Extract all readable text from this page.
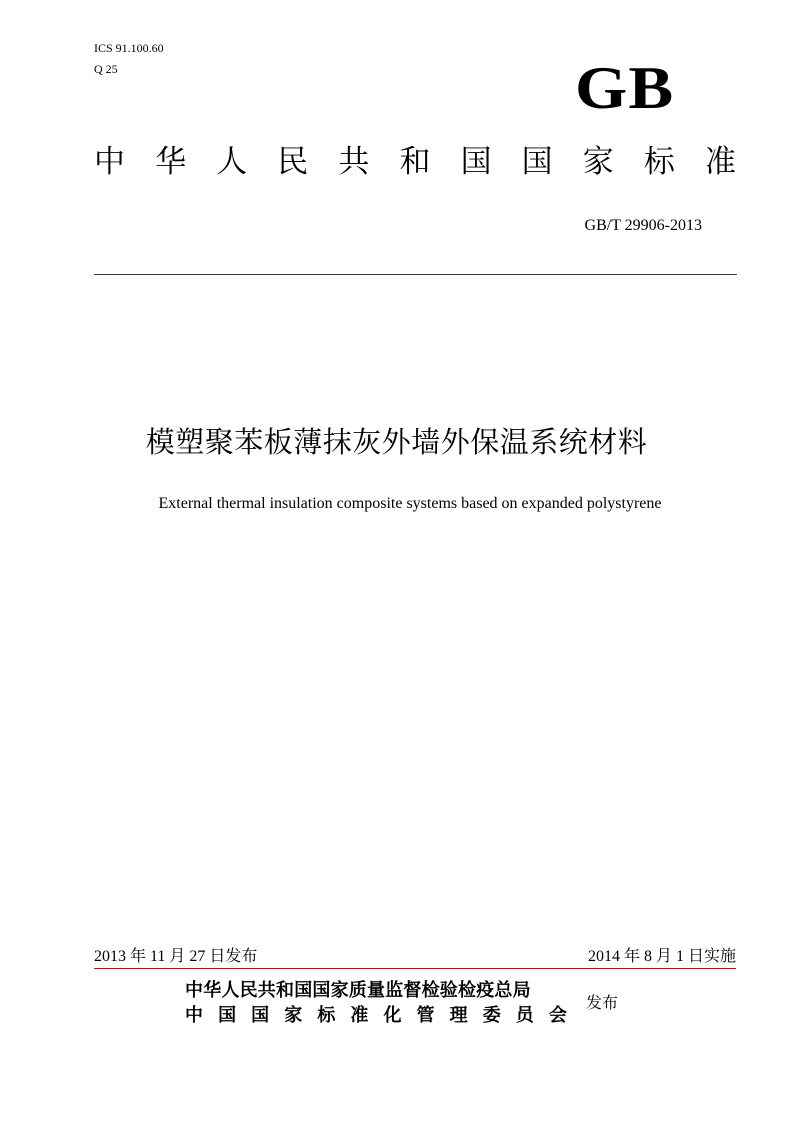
ICS 91.100.60
Q 25	GB
中 华 人 民 共 和 国 国 家 标 准
GB/T 29906-2013
模塑聚苯板薄抹灰外墙外保温系统材料
External thermal insulation composite systems based on expanded polystyrene
2013 年 11 月 27 日发布	2014 年 8 月 1 日实施
中华人民共和国国家质量监督检验检疫总局
中 国 国 家 标 准 化 管 理 委 员 会
发布
